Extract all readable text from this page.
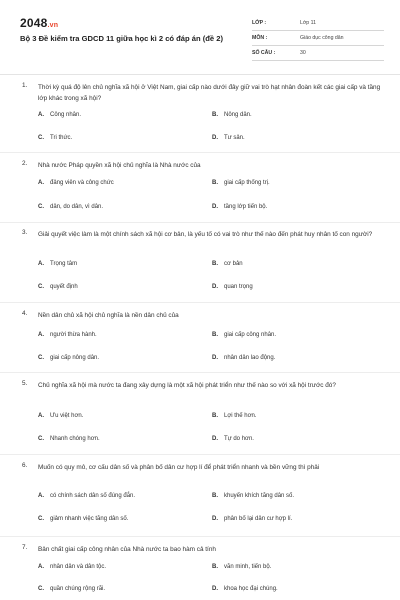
2048.vn
Bộ 3 Đề kiểm tra GDCD 11 giữa học kì 2 có đáp án (đề 2)
LỚP :	Lớp 11
MÔN :	Giáo dục công dân
SỐ CÂU :	30
1. Thời kỳ quá độ lên chủ nghĩa xã hội ở Việt Nam, giai cấp nào dưới đây giữ vai trò hạt nhân đoàn kết các giai cấp và tầng lớp khác trong xã hội?
A. Công nhân.	B. Nông dân.
C. Tri thức.	D. Tư sản.
2. Nhà nước Pháp quyền xã hội chủ nghĩa là Nhà nước của
A. đảng viên và công chức	B. giai cấp thống trị.
C. dân, do dân, vì dân.	D. tầng lớp tiến bộ.
3. Giải quyết việc làm là một chính sách xã hội cơ bản, là yếu tố có vai trò như thế nào đến phát huy nhân tố con người?
A. Trọng tâm	B. cơ bản
C. quyết định	D. quan trọng
4. Nền dân chủ xã hội chủ nghĩa là nền dân chủ của
A. người thừa hành.	B. giai cấp công nhân.
C. giai cấp nông dân.	D. nhân dân lao động.
5. Chủ nghĩa xã hội mà nước ta đang xây dựng là một xã hội phát triển như thế nào so với xã hội trước đó?
A. Ưu việt hơn.	B. Lợi thế hơn.
C. Nhanh chóng hơn.	D. Tự do hơn.
6. Muốn có quy mô, cơ cấu dân số và phân bố dân cư hợp lí để phát triển nhanh và bền vững thì phải
A. có chính sách dân số đúng đắn.	B. khuyến khích tăng dân số.
C. giảm nhanh việc tăng dân số.	D. phân bố lại dân cư hợp lí.
7. Bản chất giai cấp công nhân của Nhà nước ta bao hàm cả tính
A. nhân dân và dân tộc.	B. văn minh, tiến bộ.
C. quần chúng rộng rãi.	D. khoa học đại chúng.
